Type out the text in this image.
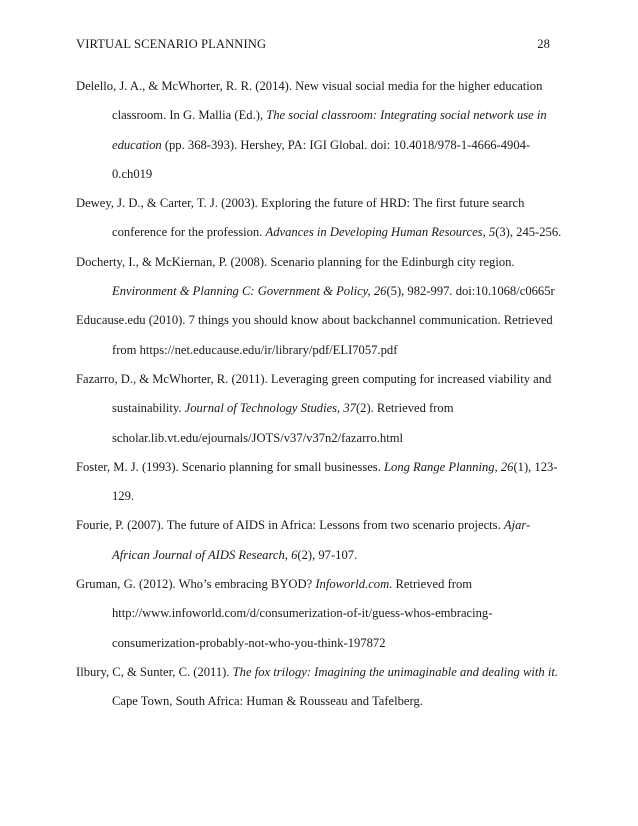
VIRTUAL SCENARIO PLANNING	28
Delello, J. A., & McWhorter, R. R. (2014). New visual social media for the higher education
classroom. In G. Mallia (Ed.), The social classroom: Integrating social network use in
education (pp. 368-393). Hershey, PA: IGI Global. doi: 10.4018/978-1-4666-4904-
0.ch019
Dewey, J. D., & Carter, T. J. (2003). Exploring the future of HRD: The first future search
conference for the profession. Advances in Developing Human Resources, 5(3), 245-256.
Docherty, I., & McKiernan, P. (2008). Scenario planning for the Edinburgh city region.
Environment & Planning C: Government & Policy, 26(5), 982-997. doi:10.1068/c0665r
Educause.edu (2010). 7 things you should know about backchannel communication. Retrieved
from https://net.educause.edu/ir/library/pdf/ELI7057.pdf
Fazarro, D., & McWhorter, R. (2011). Leveraging green computing for increased viability and
sustainability. Journal of Technology Studies, 37(2). Retrieved from
scholar.lib.vt.edu/ejournals/JOTS/v37/v37n2/fazarro.html
Foster, M. J. (1993). Scenario planning for small businesses. Long Range Planning, 26(1), 123-
129.
Fourie, P. (2007). The future of AIDS in Africa: Lessons from two scenario projects. Ajar-
African Journal of AIDS Research, 6(2), 97-107.
Gruman, G. (2012). Who’s embracing BYOD? Infoworld.com. Retrieved from
http://www.infoworld.com/d/consumerization-of-it/guess-whos-embracing-
consumerization-probably-not-who-you-think-197872
Ilbury, C, & Sunter, C. (2011). The fox trilogy: Imagining the unimaginable and dealing with it.
Cape Town, South Africa: Human & Rousseau and Tafelberg.
